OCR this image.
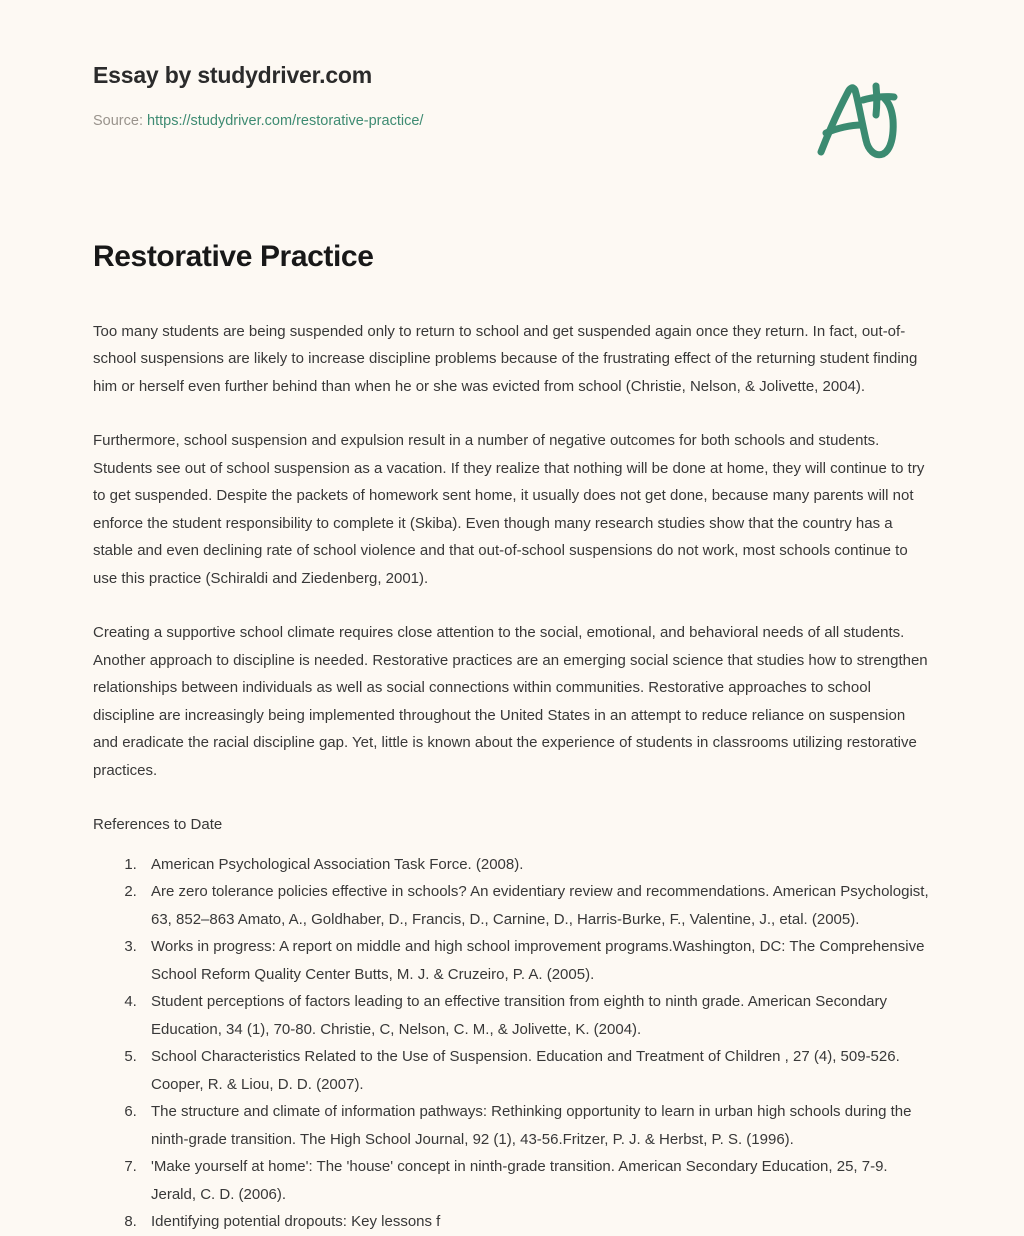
Essay by studydriver.com
Source: https://studydriver.com/restorative-practice/
Restorative Practice

Too many students are being suspended only to return to school and get suspended again once they return. In fact, out-of-school suspensions are likely to increase discipline problems because of the frustrating effect of the returning student finding him or herself even further behind than when he or she was evicted from school (Christie, Nelson, & Jolivette, 2004).

Furthermore, school suspension and expulsion result in a number of negative outcomes for both schools and students. Students see out of school suspension as a vacation. If they realize that nothing will be done at home, they will continue to try to get suspended. Despite the packets of homework sent home, it usually does not get done, because many parents will not enforce the student responsibility to complete it (Skiba). Even though many research studies show that the country has a stable and even declining rate of school violence and that out-of-school suspensions do not work, most schools continue to use this practice (Schiraldi and Ziedenberg, 2001).

Creating a supportive school climate requires close attention to the social, emotional, and behavioral needs of all students. Another approach to discipline is needed. Restorative practices are an emerging social science that studies how to strengthen relationships between individuals as well as social connections within communities. Restorative approaches to school discipline are increasingly being implemented throughout the United States in an attempt to reduce reliance on suspension and eradicate the racial discipline gap. Yet, little is known about the experience of students in classrooms utilizing restorative practices.

References to Date
1. American Psychological Association Task Force. (2008).
2. Are zero tolerance policies effective in schools? An evidentiary review and recommendations. American Psychologist, 63, 852–863 Amato, A., Goldhaber, D., Francis, D., Carnine, D., Harris-Burke, F., Valentine, J., etal. (2005).
3. Works in progress: A report on middle and high school improvement programs.Washington, DC: The Comprehensive School Reform Quality Center Butts, M. J. & Cruzeiro, P. A. (2005).
4. Student perceptions of factors leading to an effective transition from eighth to ninth grade. American Secondary Education, 34 (1), 70-80. Christie, C, Nelson, C. M., & Jolivette, K. (2004).
5. School Characteristics Related to the Use of Suspension. Education and Treatment of Children , 27 (4), 509-526. Cooper, R. & Liou, D. D. (2007).
6. The structure and climate of information pathways: Rethinking opportunity to learn in urban high schools during the ninth-grade transition. The High School Journal, 92 (1), 43-56.Fritzer, P. J. & Herbst, P. S. (1996).
7. 'Make yourself at home': The 'house' concept in ninth-grade transition. American Secondary Education, 25, 7-9. Jerald, C. D. (2006).
8. Identifying potential dropouts: Key lessons f
